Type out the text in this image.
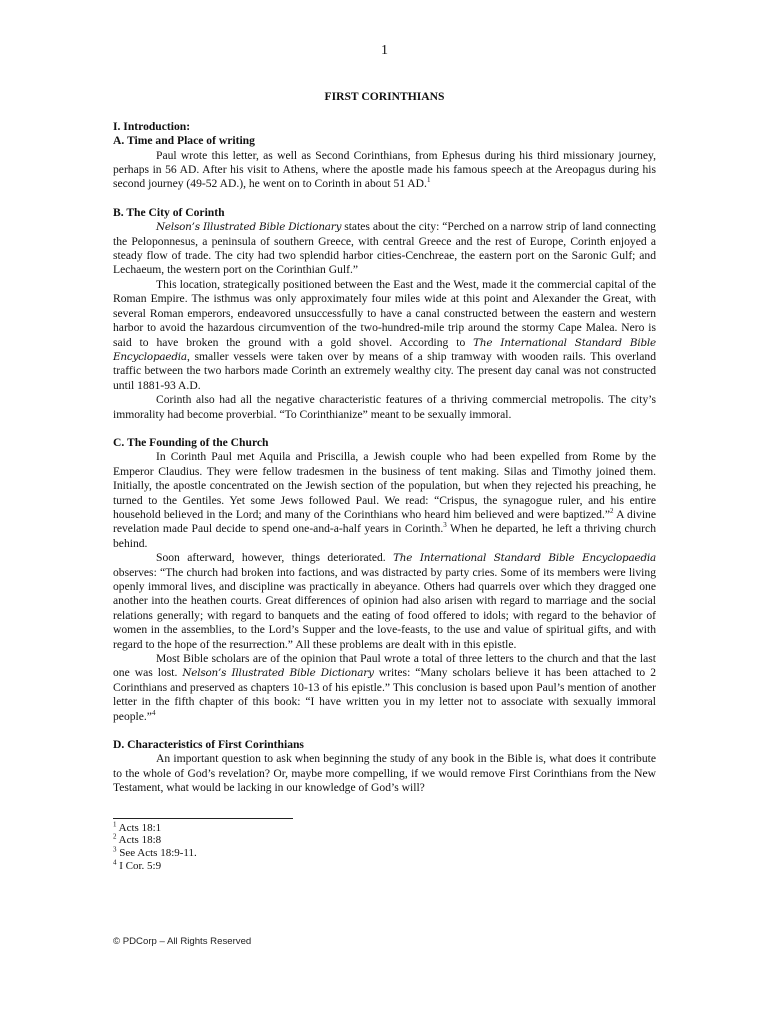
1
FIRST CORINTHIANS
I. Introduction:
A. Time and Place of writing

Paul wrote this letter, as well as Second Corinthians, from Ephesus during his third missionary journey, perhaps in 56 AD. After his visit to Athens, where the apostle made his famous speech at the Areopagus during his second journey (49-52 AD.), he went on to Corinth in about 51 AD.$^1$

B. The City of Corinth

Nelson’s Illustrated Bible Dictionary states about the city: “Perched on a narrow strip of land connecting the Peloponnesus, a peninsula of southern Greece, with central Greece and the rest of Europe, Corinth enjoyed a steady flow of trade. The city had two splendid harbor cities-Cenchreae, the eastern port on the Saronic Gulf; and Lechaeum, the western port on the Corinthian Gulf.”

This location, strategically positioned between the East and the West, made it the commercial capital of the Roman Empire. The isthmus was only approximately four miles wide at this point and Alexander the Great, with several Roman emperors, endeavored unsuccessfully to have a canal constructed between the eastern and western harbor to avoid the hazardous circumvention of the two-hundred-mile trip around the stormy Cape Malea. Nero is said to have broken the ground with a gold shovel. According to The International Standard Bible Encyclopaedia, smaller vessels were taken over by means of a ship tramway with wooden rails. This overland traffic between the two harbors made Corinth an extremely wealthy city. The present day canal was not constructed until 1881-93 A.D.

Corinth also had all the negative characteristic features of a thriving commercial metropolis. The city’s immorality had become proverbial. “To Corinthianize” meant to be sexually immoral.

C. The Founding of the Church

In Corinth Paul met Aquila and Priscilla, a Jewish couple who had been expelled from Rome by the Emperor Claudius. They were fellow tradesmen in the business of tent making. Silas and Timothy joined them. Initially, the apostle concentrated on the Jewish section of the population, but when they rejected his preaching, he turned to the Gentiles. Yet some Jews followed Paul. We read: “Crispus, the synagogue ruler, and his entire household believed in the Lord; and many of the Corinthians who heard him believed and were baptized.”$^2$ A divine revelation made Paul decide to spend one-and-a-half years in Corinth.$^3$ When he departed, he left a thriving church behind.

Soon afterward, however, things deteriorated. The International Standard Bible Encyclopaedia observes: “The church had broken into factions, and was distracted by party cries. Some of its members were living openly immoral lives, and discipline was practically in abeyance. Others had quarrels over which they dragged one another into the heathen courts. Great differences of opinion had also arisen with regard to marriage and the social relations generally; with regard to banquets and the eating of food offered to idols; with regard to the behavior of women in the assemblies, to the Lord’s Supper and the love-feasts, to the use and value of spiritual gifts, and with regard to the hope of the resurrection.” All these problems are dealt with in this epistle.

Most Bible scholars are of the opinion that Paul wrote a total of three letters to the church and that the last one was lost. Nelson’s Illustrated Bible Dictionary writes: “Many scholars believe it has been attached to 2 Corinthians and preserved as chapters 10-13 of his epistle.” This conclusion is based upon Paul’s mention of another letter in the fifth chapter of this book: “I have written you in my letter not to associate with sexually immoral people.”$^4$

D. Characteristics of First Corinthians

An important question to ask when beginning the study of any book in the Bible is, what does it contribute to the whole of God’s revelation? Or, maybe more compelling, if we would remove First Corinthians from the New Testament, what would be lacking in our knowledge of God’s will?

$^1$ Acts 18:1
$^2$ Acts 18:8
$^3$ See Acts 18:9-11.
$^4$ I Cor. 5:9
© PDCorp – All Rights Reserved
